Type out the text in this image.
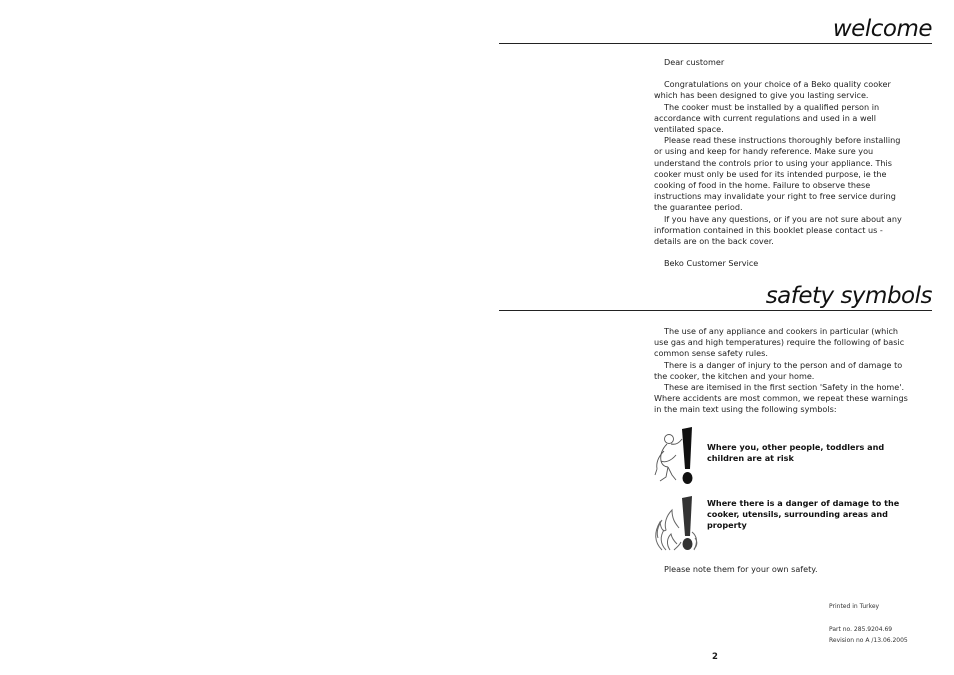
welcome

Dear customer

Congratulations on your choice of a Beko quality cooker which has been designed to give you lasting service.

The cooker must be installed by a qualified person in accordance with current regulations and used in a well ventilated space.

Please read these instructions thoroughly before installing or using and keep for handy reference. Make sure you understand the controls prior to using your appliance. This cooker must only be used for its intended purpose, ie the cooking of food in the home. Failure to observe these instructions may invalidate your right to free service during the guarantee period.

If you have any questions, or if you are not sure about any information contained in this booklet please contact us - details are on the back cover.

Beko Customer Service

safety symbols

The use of any appliance and cookers in particular (which use gas and high temperatures) require the following of basic common sense safety rules.

There is a danger of injury to the person and of damage to the cooker, the kitchen and your home.

These are itemised in the first section 'Safety in the home'. Where accidents are most common, we repeat these warnings in the main text using the following symbols:

Where you, other people, toddlers and children are at risk
Where there is a danger of damage to the cooker, utensils, surrounding areas and property

Please note them for your own safety.

Printed in Turkey
Part no. 285.9204.69
Revision no A /13.06.2005
2
